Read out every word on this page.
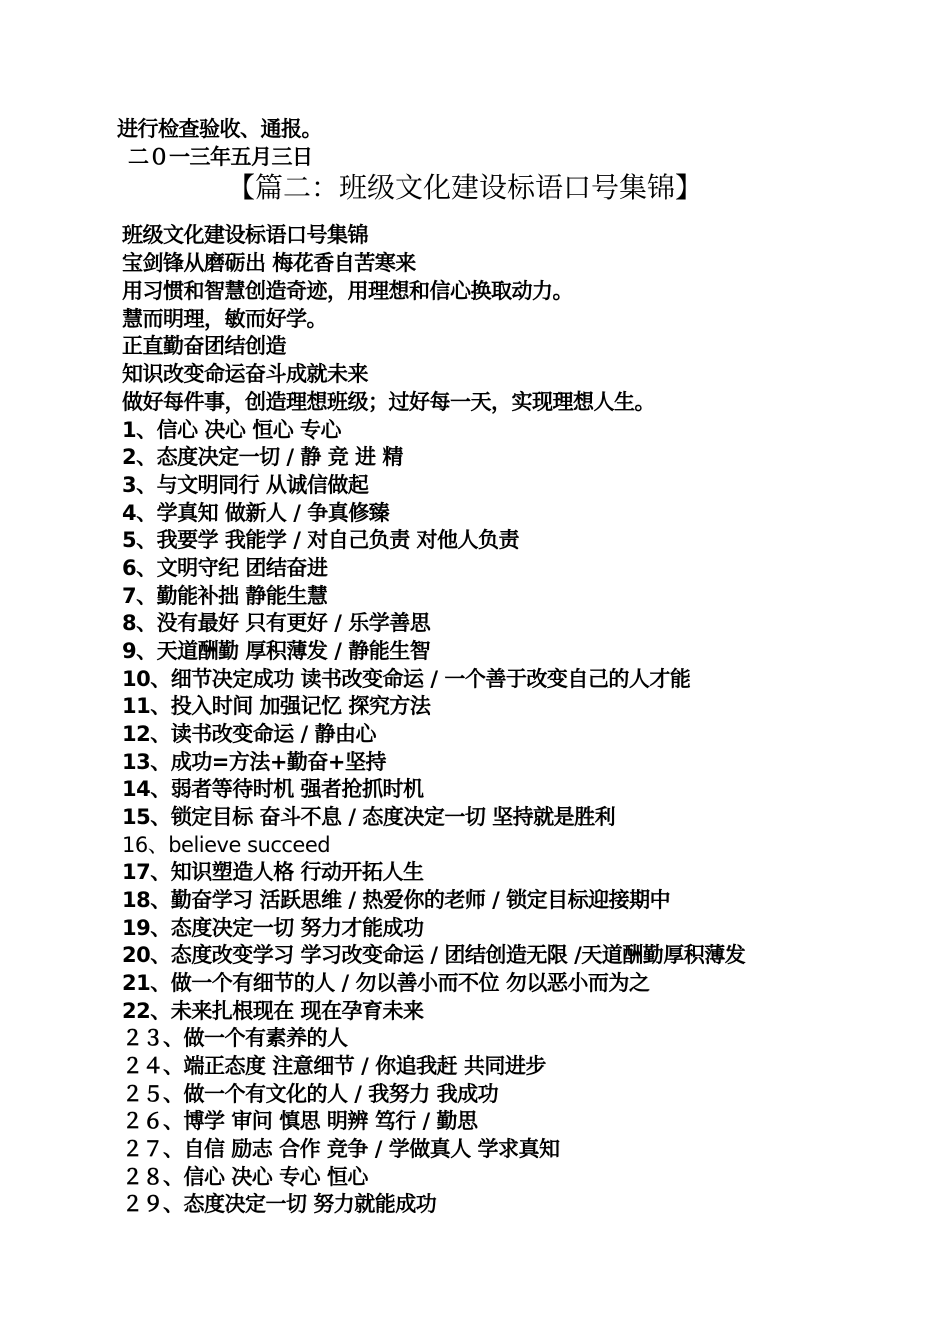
进行检查验收、通报。
二０一三年五月三日
【篇二：班级文化建设标语口号集锦】
班级文化建设标语口号集锦
宝剑锋从磨砺出 梅花香自苦寒来
用习惯和智慧创造奇迹，用理想和信心换取动力。
慧而明理，敏而好学。
正直勤奋团结创造
知识改变命运奋斗成就未来
做好每件事，创造理想班级；过好每一天，实现理想人生。
1、信心 决心 恒心 专心
2、态度决定一切 / 静 竞 进 精
3、与文明同行 从诚信做起
4、学真知 做新人 / 争真修臻
5、我要学 我能学 / 对自己负责 对他人负责
6、文明守纪 团结奋进
7、勤能补拙 静能生慧
8、没有最好 只有更好 / 乐学善思
9、天道酬勤 厚积薄发 / 静能生智
10、细节决定成功 读书改变命运 / 一个善于改变自己的人才能
11、投入时间 加强记忆 探究方法
12、读书改变命运 / 静由心
13、成功=方法+勤奋+坚持
14、弱者等待时机 强者抢抓时机
15、锁定目标 奋斗不息 / 态度决定一切 坚持就是胜利
16、believe succeed
17、知识塑造人格 行动开拓人生
18、勤奋学习 活跃思维 / 热爱你的老师 / 锁定目标迎接期中
19、态度决定一切 努力才能成功
20、态度改变学习 学习改变命运 / 团结创造无限 /天道酬勤厚积薄发
21、做一个有细节的人 / 勿以善小而不位 勿以恶小而为之
22、未来扎根现在 现在孕育未来
２３、做一个有素养的人
２４、端正态度 注意细节 / 你追我赶 共同进步
２５、做一个有文化的人 / 我努力 我成功
２６、博学 审问 慎思 明辨 笃行 / 勤思
２７、自信 励志 合作 竞争 / 学做真人 学求真知
２８、信心 决心 专心 恒心
２９、态度决定一切 努力就能成功
